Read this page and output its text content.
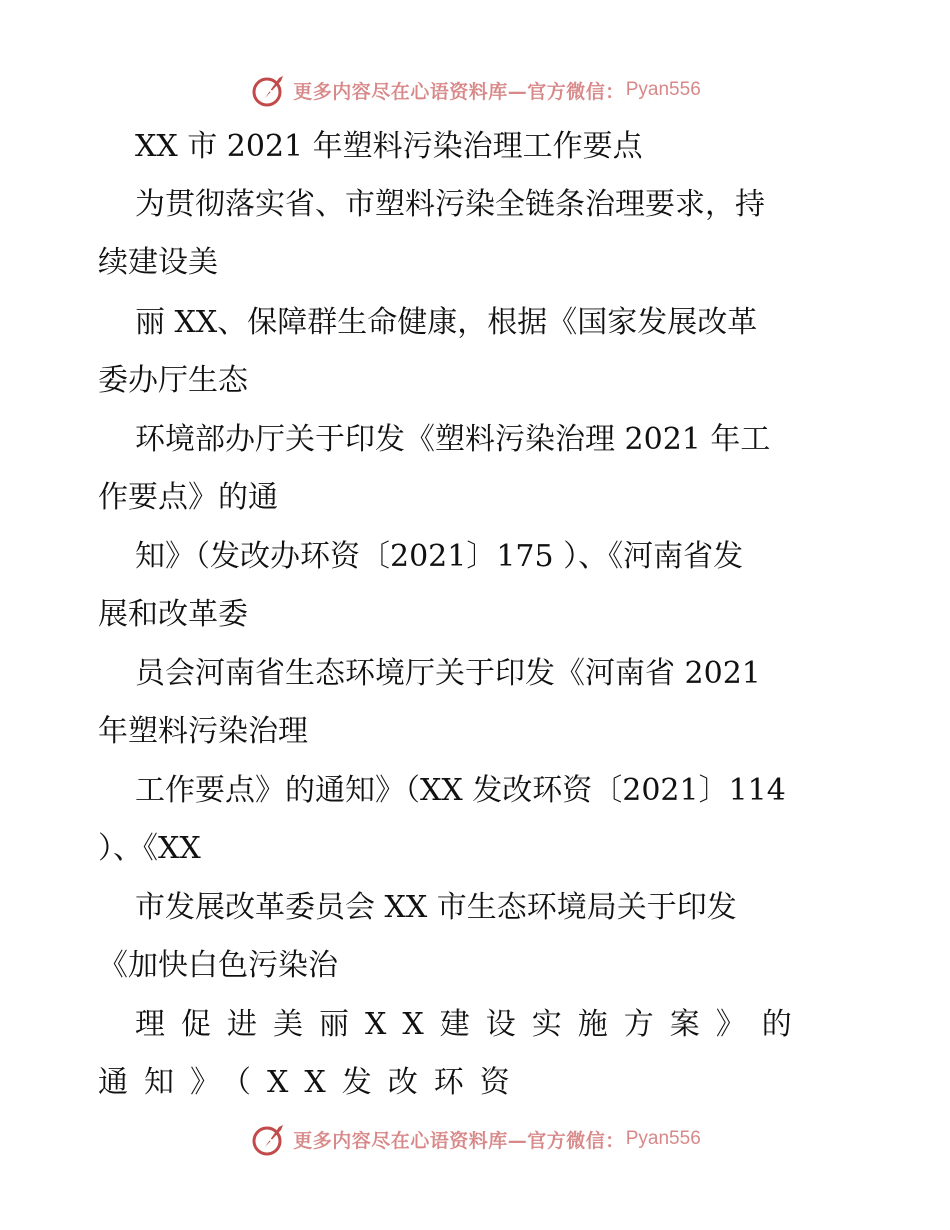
更多内容尽在心语资料库—官方微信： Pyan556
XX 市 2021 年塑料污染治理工作要点
为贯彻落实省、市塑料污染全链条治理要求，持
续建设美
丽 XX、保障群生命健康，根据《国家发展改革
委办厅生态
环境部办厅关于印发《塑料污染治理 2021 年工
作要点》的通
知》（发改办环资〔2021〕175 ）、《河南省发
展和改革委
员会河南省生态环境厅关于印发《河南省 2021
年塑料污染治理
工作要点》的通知》（XX 发改环资〔2021〕114
）、《XX
市发展改革委员会 XX 市生态环境局关于印发
《加快白色污染治
理促进美丽XX建设实施方案》的
通知》（XX发改环资
更多内容尽在心语资料库—官方微信： Pyan556
